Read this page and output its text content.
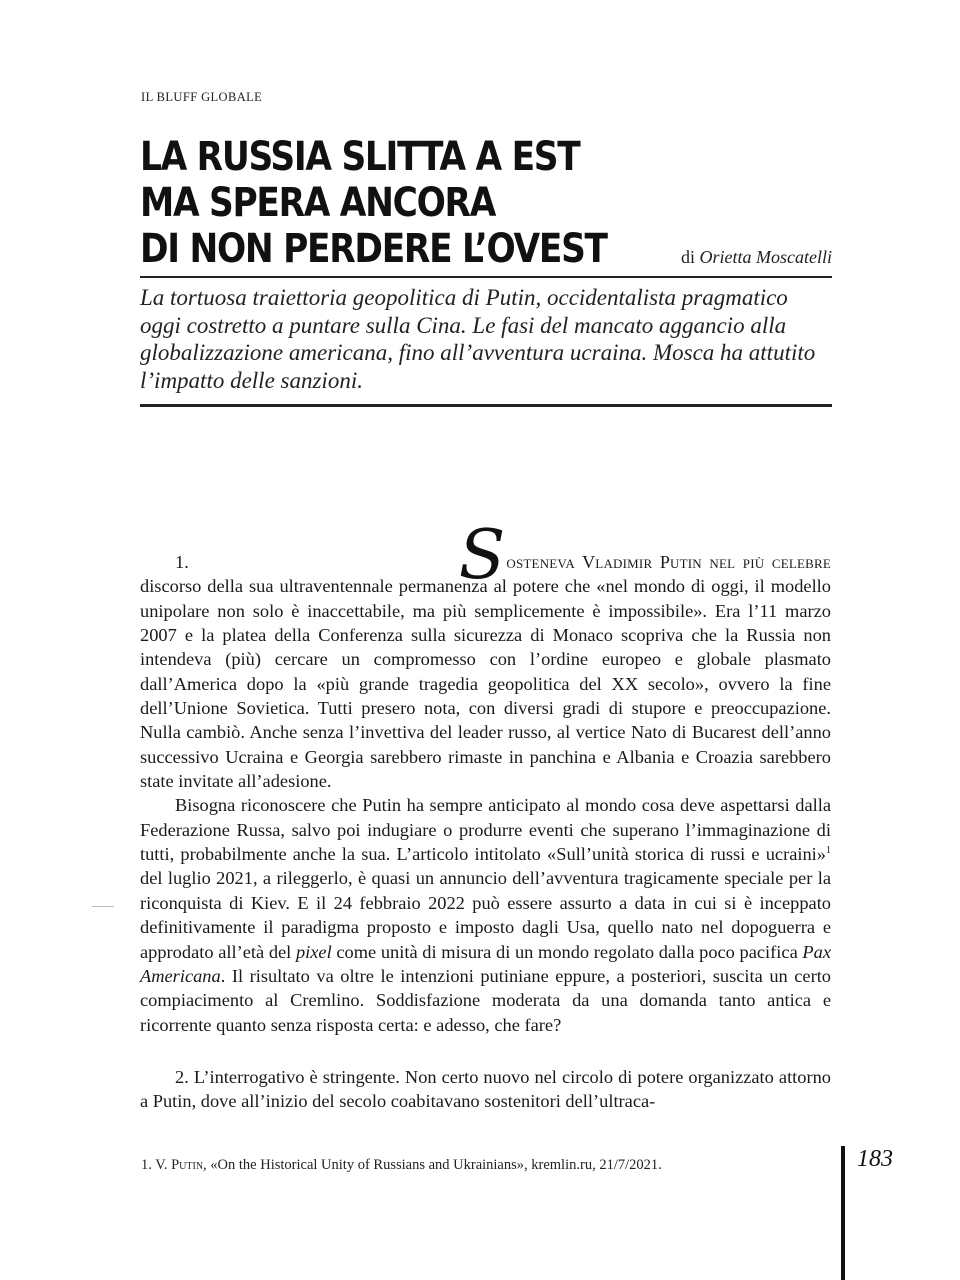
IL BLUFF GLOBALE
LA RUSSIA SLITTA A EST
MA SPERA ANCORA
DI NON PERDERE L’OVEST	di Orietta Moscatelli

La tortuosa traiettoria geopolitica di Putin, occidentalista pragmatico oggi costretto a puntare sulla Cina. Le fasi del mancato aggancio alla globalizzazione americana, fino all’avventura ucraina. Mosca ha attutito l’impatto delle sanzioni.

1.	Sosteneva Vladimir Putin nel più celebre discorso della sua ultraventennale permanenza al potere che «nel mondo di oggi, il modello unipolare non solo è inaccettabile, ma più semplicemente è impossibile». Era l’11 marzo 2007 e la platea della Conferenza sulla sicurezza di Monaco scopriva che la Russia non intendeva (più) cercare un compromesso con l’ordine europeo e globale plasmato dall’America dopo la «più grande tragedia geopolitica del XX secolo», ovvero la fine dell’Unione Sovietica. Tutti presero nota, con diversi gradi di stupore e preoccupazione. Nulla cambiò. Anche senza l’invettiva del leader russo, al vertice Nato di Bucarest dell’anno successivo Ucraina e Georgia sarebbero rimaste in panchina e Albania e Croazia sarebbero state invitate all’adesione.

Bisogna riconoscere che Putin ha sempre anticipato al mondo cosa deve aspettarsi dalla Federazione Russa, salvo poi indugiare o produrre eventi che superano l’immaginazione di tutti, probabilmente anche la sua. L’articolo intitolato «Sull’unità storica di russi e ucraini»$^1$ del luglio 2021, a rileggerlo, è quasi un annuncio dell’avventura tragicamente speciale per la riconquista di Kiev. E il 24 febbraio 2022 può essere assurto a data in cui si è inceppato definitivamente il paradigma proposto e imposto dagli Usa, quello nato nel dopoguerra e approdato all’età del pixel come unità di misura di un mondo regolato dalla poco pacifica Pax Americana. Il risultato va oltre le intenzioni putiniane eppure, a posteriori, suscita un certo compiacimento al Cremlino. Soddisfazione moderata da una domanda tanto antica e ricorrente quanto senza risposta certa: e adesso, che fare?

2. L’interrogativo è stringente. Non certo nuovo nel circolo di potere organizzato attorno a Putin, dove all’inizio del secolo coabitavano sostenitori dell’ultraca-

1. V. Putin, «On the Historical Unity of Russians and Ukrainians», kremlin.ru, 21/7/2021.	183
